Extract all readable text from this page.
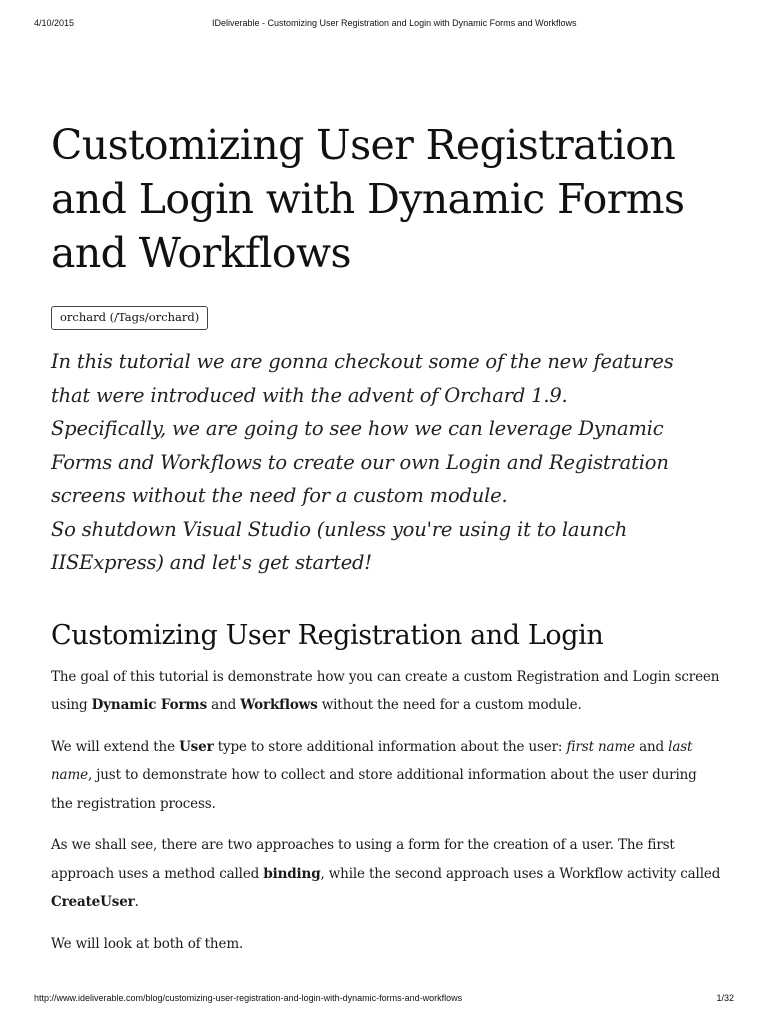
4/10/2015	IDeliverable - Customizing User Registration and Login with Dynamic Forms and Workflows
Customizing User Registration
and Login with Dynamic Forms
and Workflows
orchard (/Tags/orchard)

In this tutorial we are gonna checkout some of the new features

that were introduced with the advent of Orchard 1.9.

Specifically, we are going to see how we can leverage Dynamic

Forms and Workflows to create our own Login and Registration

screens without the need for a custom module.

So shutdown Visual Studio (unless you're using it to launch

IISExpress) and let's get started!

Customizing User Registration and Login

The goal of this tutorial is demonstrate how you can create a custom Registration and Login screen using Dynamic Forms and Workflows without the need for a custom module.

We will extend the User type to store additional information about the user: first name and last name, just to demonstrate how to collect and store additional information about the user during the registration process.

As we shall see, there are two approaches to using a form for the creation of a user. The first approach uses a method called binding, while the second approach uses a Workflow activity called CreateUser.

We will look at both of them.

http://www.ideliverable.com/blog/customizing-user-registration-and-login-with-dynamic-forms-and-workflows	1/32
